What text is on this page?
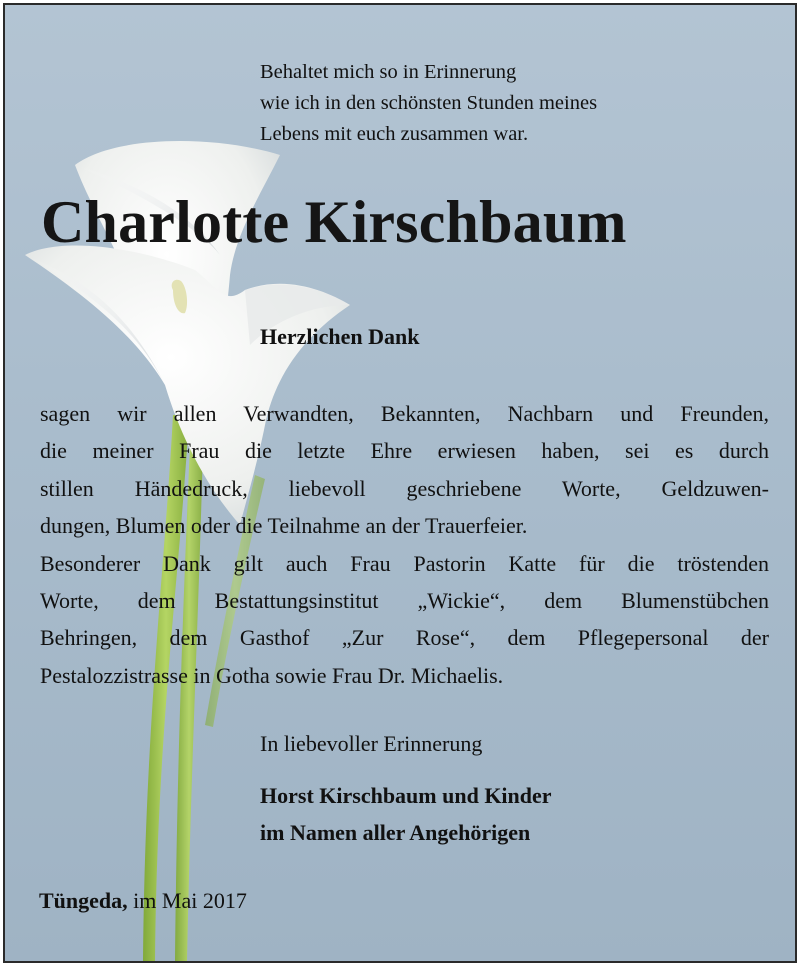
Behaltet mich so in Erinnerung
wie ich in den schönsten Stunden meines
Lebens mit euch zusammen war.
Charlotte Kirschbaum
Herzlichen Dank
sagen wir allen Verwandten, Bekannten, Nachbarn und Freunden,
die meiner Frau die letzte Ehre erwiesen haben, sei es durch
stillen Händedruck, liebevoll geschriebene Worte, Geldzuwen-
dungen, Blumen oder die Teilnahme an der Trauerfeier.
Besonderer Dank gilt auch Frau Pastorin Katte für die tröstenden
Worte, dem Bestattungsinstitut „Wickie“, dem Blumenstübchen
Behringen, dem Gasthof „Zur Rose“, dem Pflegepersonal der
Pestalozzistrasse in Gotha sowie Frau Dr. Michaelis.
In liebevoller Erinnerung
Horst Kirschbaum und Kinder
im Namen aller Angehörigen
Tüngeda, im Mai 2017
